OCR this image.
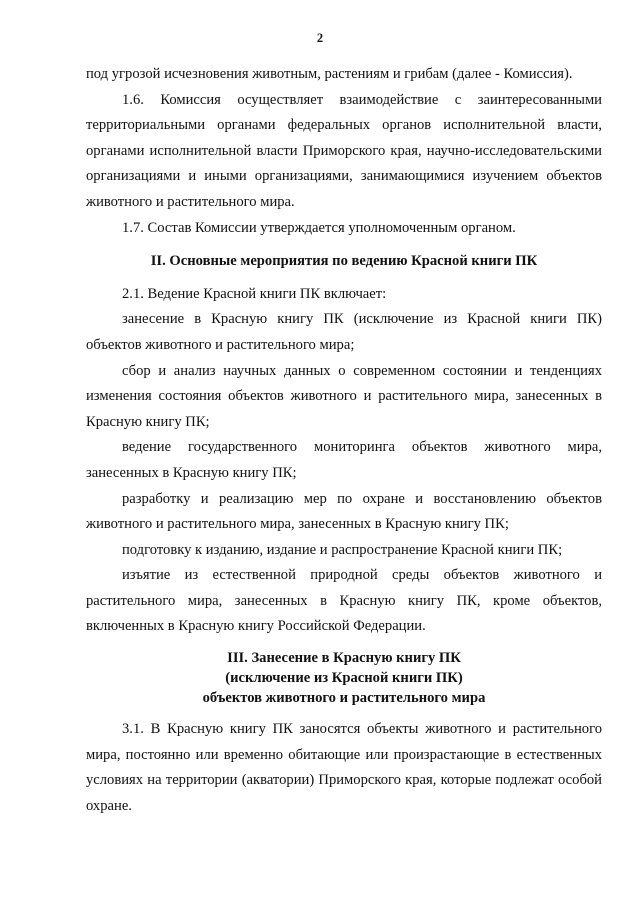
2

под угрозой исчезновения животным, растениям и грибам (далее - Комиссия).

1.6. Комиссия осуществляет взаимодействие с заинтересованными территориальными органами федеральных органов исполнительной власти, органами исполнительной власти Приморского края, научно-исследовательскими организациями и иными организациями, занимающимися изучением объектов животного и растительного мира.

1.7. Состав Комиссии утверждается уполномоченным органом.

II. Основные мероприятия по ведению Красной книги ПК

2.1. Ведение Красной книги ПК включает:

занесение в Красную книгу ПК (исключение из Красной книги ПК) объектов животного и растительного мира;

сбор и анализ научных данных о современном состоянии и тенденциях изменения состояния объектов животного и растительного мира, занесенных в Красную книгу ПК;

ведение государственного мониторинга объектов животного мира, занесенных в Красную книгу ПК;

разработку и реализацию мер по охране и восстановлению объектов животного и растительного мира, занесенных в Красную книгу ПК;

подготовку к изданию, издание и распространение Красной книги ПК;

изъятие из естественной природной среды объектов животного и растительного мира, занесенных в Красную книгу ПК, кроме объектов, включенных в Красную книгу Российской Федерации.

III. Занесение в Красную книгу ПК
(исключение из Красной книги ПК)
объектов животного и растительного мира

3.1. В Красную книгу ПК заносятся объекты животного и растительного мира, постоянно или временно обитающие или произрастающие в естественных условиях на территории (акватории) Приморского края, которые подлежат особой охране.
